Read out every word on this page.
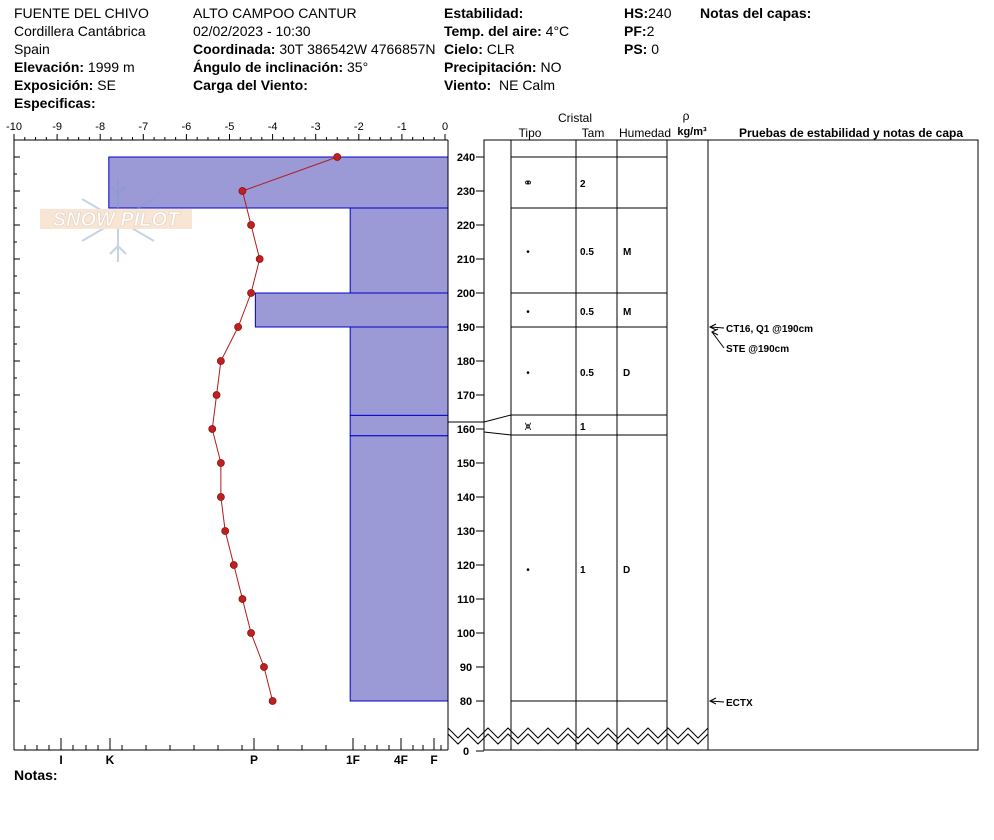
FUENTE DEL CHIVO
Cordillera Cantábrica
Spain
Elevación: 1999 m
Exposición: SE
Especificas:
ALTO CAMPOO CANTUR
02/02/2023 - 10:30
Coordinada: 30T 386542W 4766857N
Ángulo de inclinación: 35°
Carga del Viento:
Estabilidad:
Temp. del aire: 4°C
Cielo: CLR
Precipitación: NO
Viento: NE Calm
HS:240
PF:2
PS: 0
Notas del capas:
Notas:
SNOW PILOT
-10	-9	-8	-7	-6	-5	-4	-3	-2	-1	0
I	K	P	1F	4F F
240
230
220
210
200
190
180
170
160
150
140
130
120
110
100
90
80
0
Cristal
Tipo	Tam Humedad
ρ
kg/m³	Pruebas de estabilidad y notas de capa
⚭	2
•	0.5	M
•	0.5	M
•	0.5	D
⩙	1
•	1	D
CT16, Q1 @190cm
STE @190cm
ECTX
